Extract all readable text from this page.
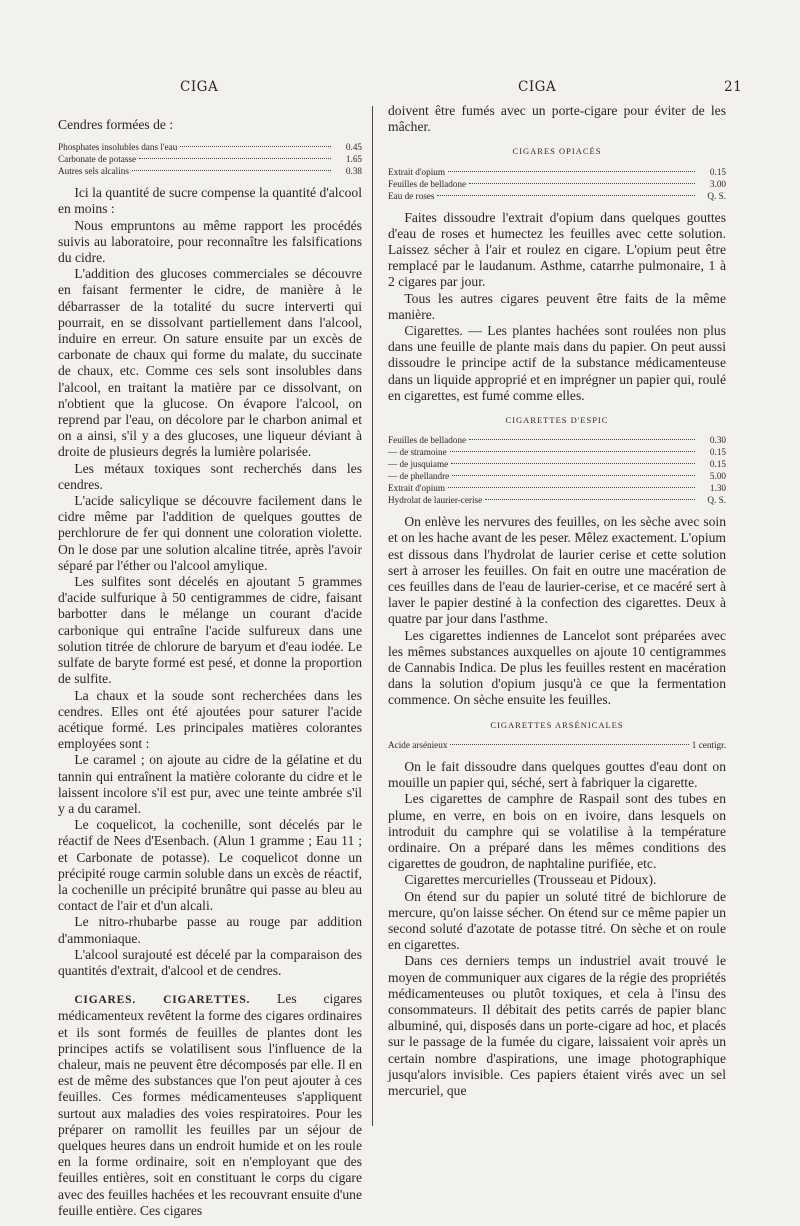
CIGA	CIGA	21
Cendres formées de :
Phosphates insolubles dans l'eau	0.45
Carbonate de potasse	1.65
Autres sels alcalins	0.38

Ici la quantité de sucre compense la quantité d'alcool en moins :

Nous empruntons au même rapport les procédés suivis au laboratoire, pour reconnaître les falsifications du cidre.

L'addition des glucoses commerciales se découvre en faisant fermenter le cidre, de manière à le débarrasser de la totalité du sucre interverti qui pourrait, en se dissolvant partiellement dans l'alcool, induire en erreur. On sature ensuite par un excès de carbonate de chaux qui forme du malate, du succinate de chaux, etc. Comme ces sels sont insolubles dans l'alcool, en traitant la matière par ce dissolvant, on n'obtient que la glucose. On évapore l'alcool, on reprend par l'eau, on décolore par le charbon animal et on a ainsi, s'il y a des glucoses, une liqueur déviant à droite de plusieurs degrés la lumière polarisée.

Les métaux toxiques sont recherchés dans les cendres.

L'acide salicylique se découvre facilement dans le cidre même par l'addition de quelques gouttes de perchlorure de fer qui donnent une coloration violette. On le dose par une solution alcaline titrée, après l'avoir séparé par l'éther ou l'alcool amylique.

Les sulfites sont décelés en ajoutant 5 grammes d'acide sulfurique à 50 centigrammes de cidre, faisant barbotter dans le mélange un courant d'acide carbonique qui entraîne l'acide sulfureux dans une solution titrée de chlorure de baryum et d'eau iodée. Le sulfate de baryte formé est pesé, et donne la proportion de sulfite.

La chaux et la soude sont recherchées dans les cendres. Elles ont été ajoutées pour saturer l'acide acétique formé. Les principales matières colorantes employées sont :

Le caramel ; on ajoute au cidre de la gélatine et du tannin qui entraînent la matière colorante du cidre et le laissent incolore s'il est pur, avec une teinte ambrée s'il y a du caramel.

Le coquelicot, la cochenille, sont décelés par le réactif de Nees d'Esenbach. (Alun 1 gramme ; Eau 11 ; et Carbonate de potasse). Le coquelicot donne un précipité rouge carmin soluble dans un excès de réactif, la cochenille un précipité brunâtre qui passe au bleu au contact de l'air et d'un alcali.

Le nitro-rhubarbe passe au rouge par addition d'ammoniaque.

L'alcool surajouté est décelé par la comparaison des quantités d'extrait, d'alcool et de cendres.

CIGARES. CIGARETTES. Les cigares médicamenteux revêtent la forme des cigares ordinaires et ils sont formés de feuilles de plantes dont les principes actifs se volatilisent sous l'influence de la chaleur, mais ne peuvent être décomposés par elle. Il en est de même des substances que l'on peut ajouter à ces feuilles. Ces formes médicamenteuses s'appliquent surtout aux maladies des voies respiratoires. Pour les préparer on ramollit les feuilles par un séjour de quelques heures dans un endroit humide et on les roule en la forme ordinaire, soit en n'employant que des feuilles entières, soit en constituant le corps du cigare avec des feuilles hachées et les recouvrant ensuite d'une feuille entière. Ces cigares

doivent être fumés avec un porte-cigare pour éviter de les mâcher.

CIGARES OPIACÉS
Extrait d'opium	0.15
Feuilles de belladone	3.00
Eau de roses	Q. S.

Faites dissoudre l'extrait d'opium dans quelques gouttes d'eau de roses et humectez les feuilles avec cette solution. Laissez sécher à l'air et roulez en cigare. L'opium peut être remplacé par le laudanum. Asthme, catarrhe pulmonaire, 1 à 2 cigares par jour.

Tous les autres cigares peuvent être faits de la même manière.

Cigarettes. — Les plantes hachées sont roulées non plus dans une feuille de plante mais dans du papier. On peut aussi dissoudre le principe actif de la substance médicamenteuse dans un liquide approprié et en imprégner un papier qui, roulé en cigarettes, est fumé comme elles.

CIGARETTES D'ESPIC
Feuilles de belladone	0.30
— de stramoine	0.15
— de jusquiame	0.15
— de phellandre	5.00
Extrait d'opium	1.30
Hydrolat de laurier-cerise	Q. S.

On enlève les nervures des feuilles, on les sèche avec soin et on les hache avant de les peser. Mêlez exactement. L'opium est dissous dans l'hydrolat de laurier cerise et cette solution sert à arroser les feuilles. On fait en outre une macération de ces feuilles dans de l'eau de laurier-cerise, et ce macéré sert à laver le papier destiné à la confection des cigarettes. Deux à quatre par jour dans l'asthme.

Les cigarettes indiennes de Lancelot sont préparées avec les mêmes substances auxquelles on ajoute 10 centigrammes de Cannabis Indica. De plus les feuilles restent en macération dans la solution d'opium jusqu'à ce que la fermentation commence. On sèche ensuite les feuilles.

CIGARETTES ARSÉNICALES
Acide arsénieux	1 centigr.

On le fait dissoudre dans quelques gouttes d'eau dont on mouille un papier qui, séché, sert à fabriquer la cigarette.

Les cigarettes de camphre de Raspail sont des tubes en plume, en verre, en bois on en ivoire, dans lesquels on introduit du camphre qui se volatilise à la température ordinaire. On a préparé dans les mêmes conditions des cigarettes de goudron, de naphtaline purifiée, etc.

Cigarettes mercurielles (Trousseau et Pidoux).

On étend sur du papier un soluté titré de bichlorure de mercure, qu'on laisse sécher. On étend sur ce même papier un second soluté d'azotate de potasse titré. On sèche et on roule en cigarettes.

Dans ces derniers temps un industriel avait trouvé le moyen de communiquer aux cigares de la régie des propriétés médicamenteuses ou plutôt toxiques, et cela à l'insu des consommateurs. Il débitait des petits carrés de papier blanc albuminé, qui, disposés dans un porte-cigare ad hoc, et placés sur le passage de la fumée du cigare, laissaient voir après un certain nombre d'aspirations, une image photographique jusqu'alors invisible. Ces papiers étaient virés avec un sel mercuriel, que
